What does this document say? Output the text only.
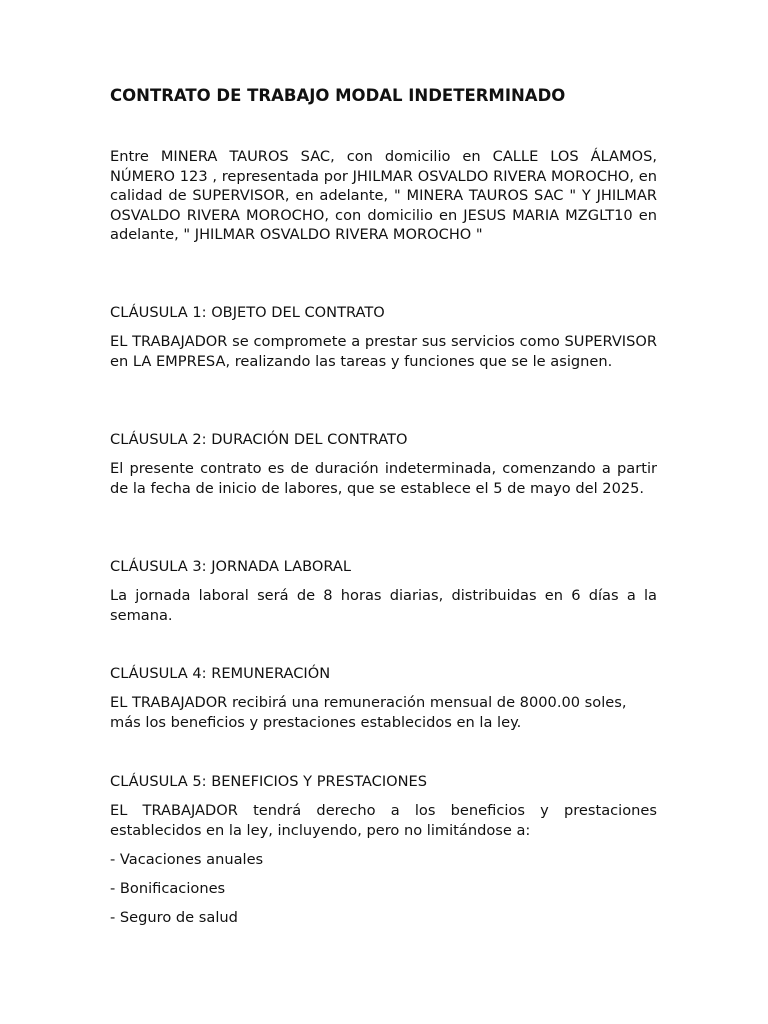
CONTRATO DE TRABAJO MODAL INDETERMINADO

Entre MINERA TAUROS SAC, con domicilio en CALLE LOS ÁLAMOS, NÚMERO 123 , representada por JHILMAR OSVALDO RIVERA MOROCHO, en calidad de SUPERVISOR, en adelante, " MINERA TAUROS SAC " Y JHILMAR OSVALDO RIVERA MOROCHO, con domicilio en JESUS MARIA MZGLT10 en adelante, " JHILMAR OSVALDO RIVERA MOROCHO "

CLÁUSULA 1: OBJETO DEL CONTRATO

EL TRABAJADOR se compromete a prestar sus servicios como SUPERVISOR en LA EMPRESA, realizando las tareas y funciones que se le asignen.

CLÁUSULA 2: DURACIÓN DEL CONTRATO

El presente contrato es de duración indeterminada, comenzando a partir de la fecha de inicio de labores, que se establece el 5 de mayo del 2025.

CLÁUSULA 3: JORNADA LABORAL

La jornada laboral será de 8 horas diarias, distribuidas en 6 días a la semana.

CLÁUSULA 4: REMUNERACIÓN

EL TRABAJADOR recibirá una remuneración mensual de 8000.00 soles, más los beneficios y prestaciones establecidos en la ley.

CLÁUSULA 5: BENEFICIOS Y PRESTACIONES

EL TRABAJADOR tendrá derecho a los beneficios y prestaciones establecidos en la ley, incluyendo, pero no limitándose a:

- Vacaciones anuales

- Bonificaciones

- Seguro de salud
